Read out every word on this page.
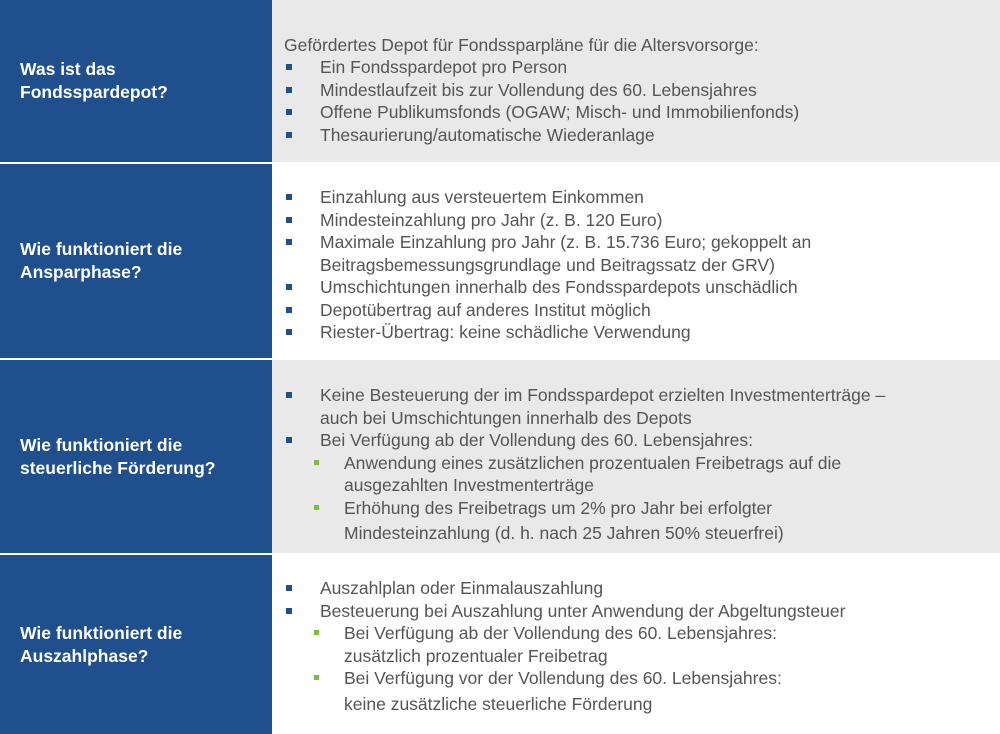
Was ist das
Fondsspardepot?
Gefördertes Depot für Fondssparpläne für die Altersvorsorge:
Ein Fondsspardepot pro Person
Mindestlaufzeit bis zur Vollendung des 60. Lebensjahres
Offene Publikumsfonds (OGAW; Misch- und Immobilienfonds)
Thesaurierung/automatische Wiederanlage
Wie funktioniert die
Ansparphase?
Einzahlung aus versteuertem Einkommen
Mindesteinzahlung pro Jahr (z. B. 120 Euro)
Maximale Einzahlung pro Jahr (z. B. 15.736 Euro; gekoppelt an
Beitragsbemessungsgrundlage und Beitragssatz der GRV)
Umschichtungen innerhalb des Fondsspardepots unschädlich
Depotübertrag auf anderes Institut möglich
Riester-Übertrag: keine schädliche Verwendung
Wie funktioniert die
steuerliche Förderung?
Keine Besteuerung der im Fondsspardepot erzielten Investmenterträge –
auch bei Umschichtungen innerhalb des Depots
Bei Verfügung ab der Vollendung des 60. Lebensjahres:
Anwendung eines zusätzlichen prozentualen Freibetrags auf die
ausgezahlten Investmenterträge
Erhöhung des Freibetrags um 2% pro Jahr bei erfolgter
Mindesteinzahlung (d. h. nach 25 Jahren 50% steuerfrei)
Wie funktioniert die
Auszahlphase?
Auszahlplan oder Einmalauszahlung
Besteuerung bei Auszahlung unter Anwendung der Abgeltungsteuer
Bei Verfügung ab der Vollendung des 60. Lebensjahres:
zusätzlich prozentualer Freibetrag
Bei Verfügung vor der Vollendung des 60. Lebensjahres:
keine zusätzliche steuerliche Förderung
